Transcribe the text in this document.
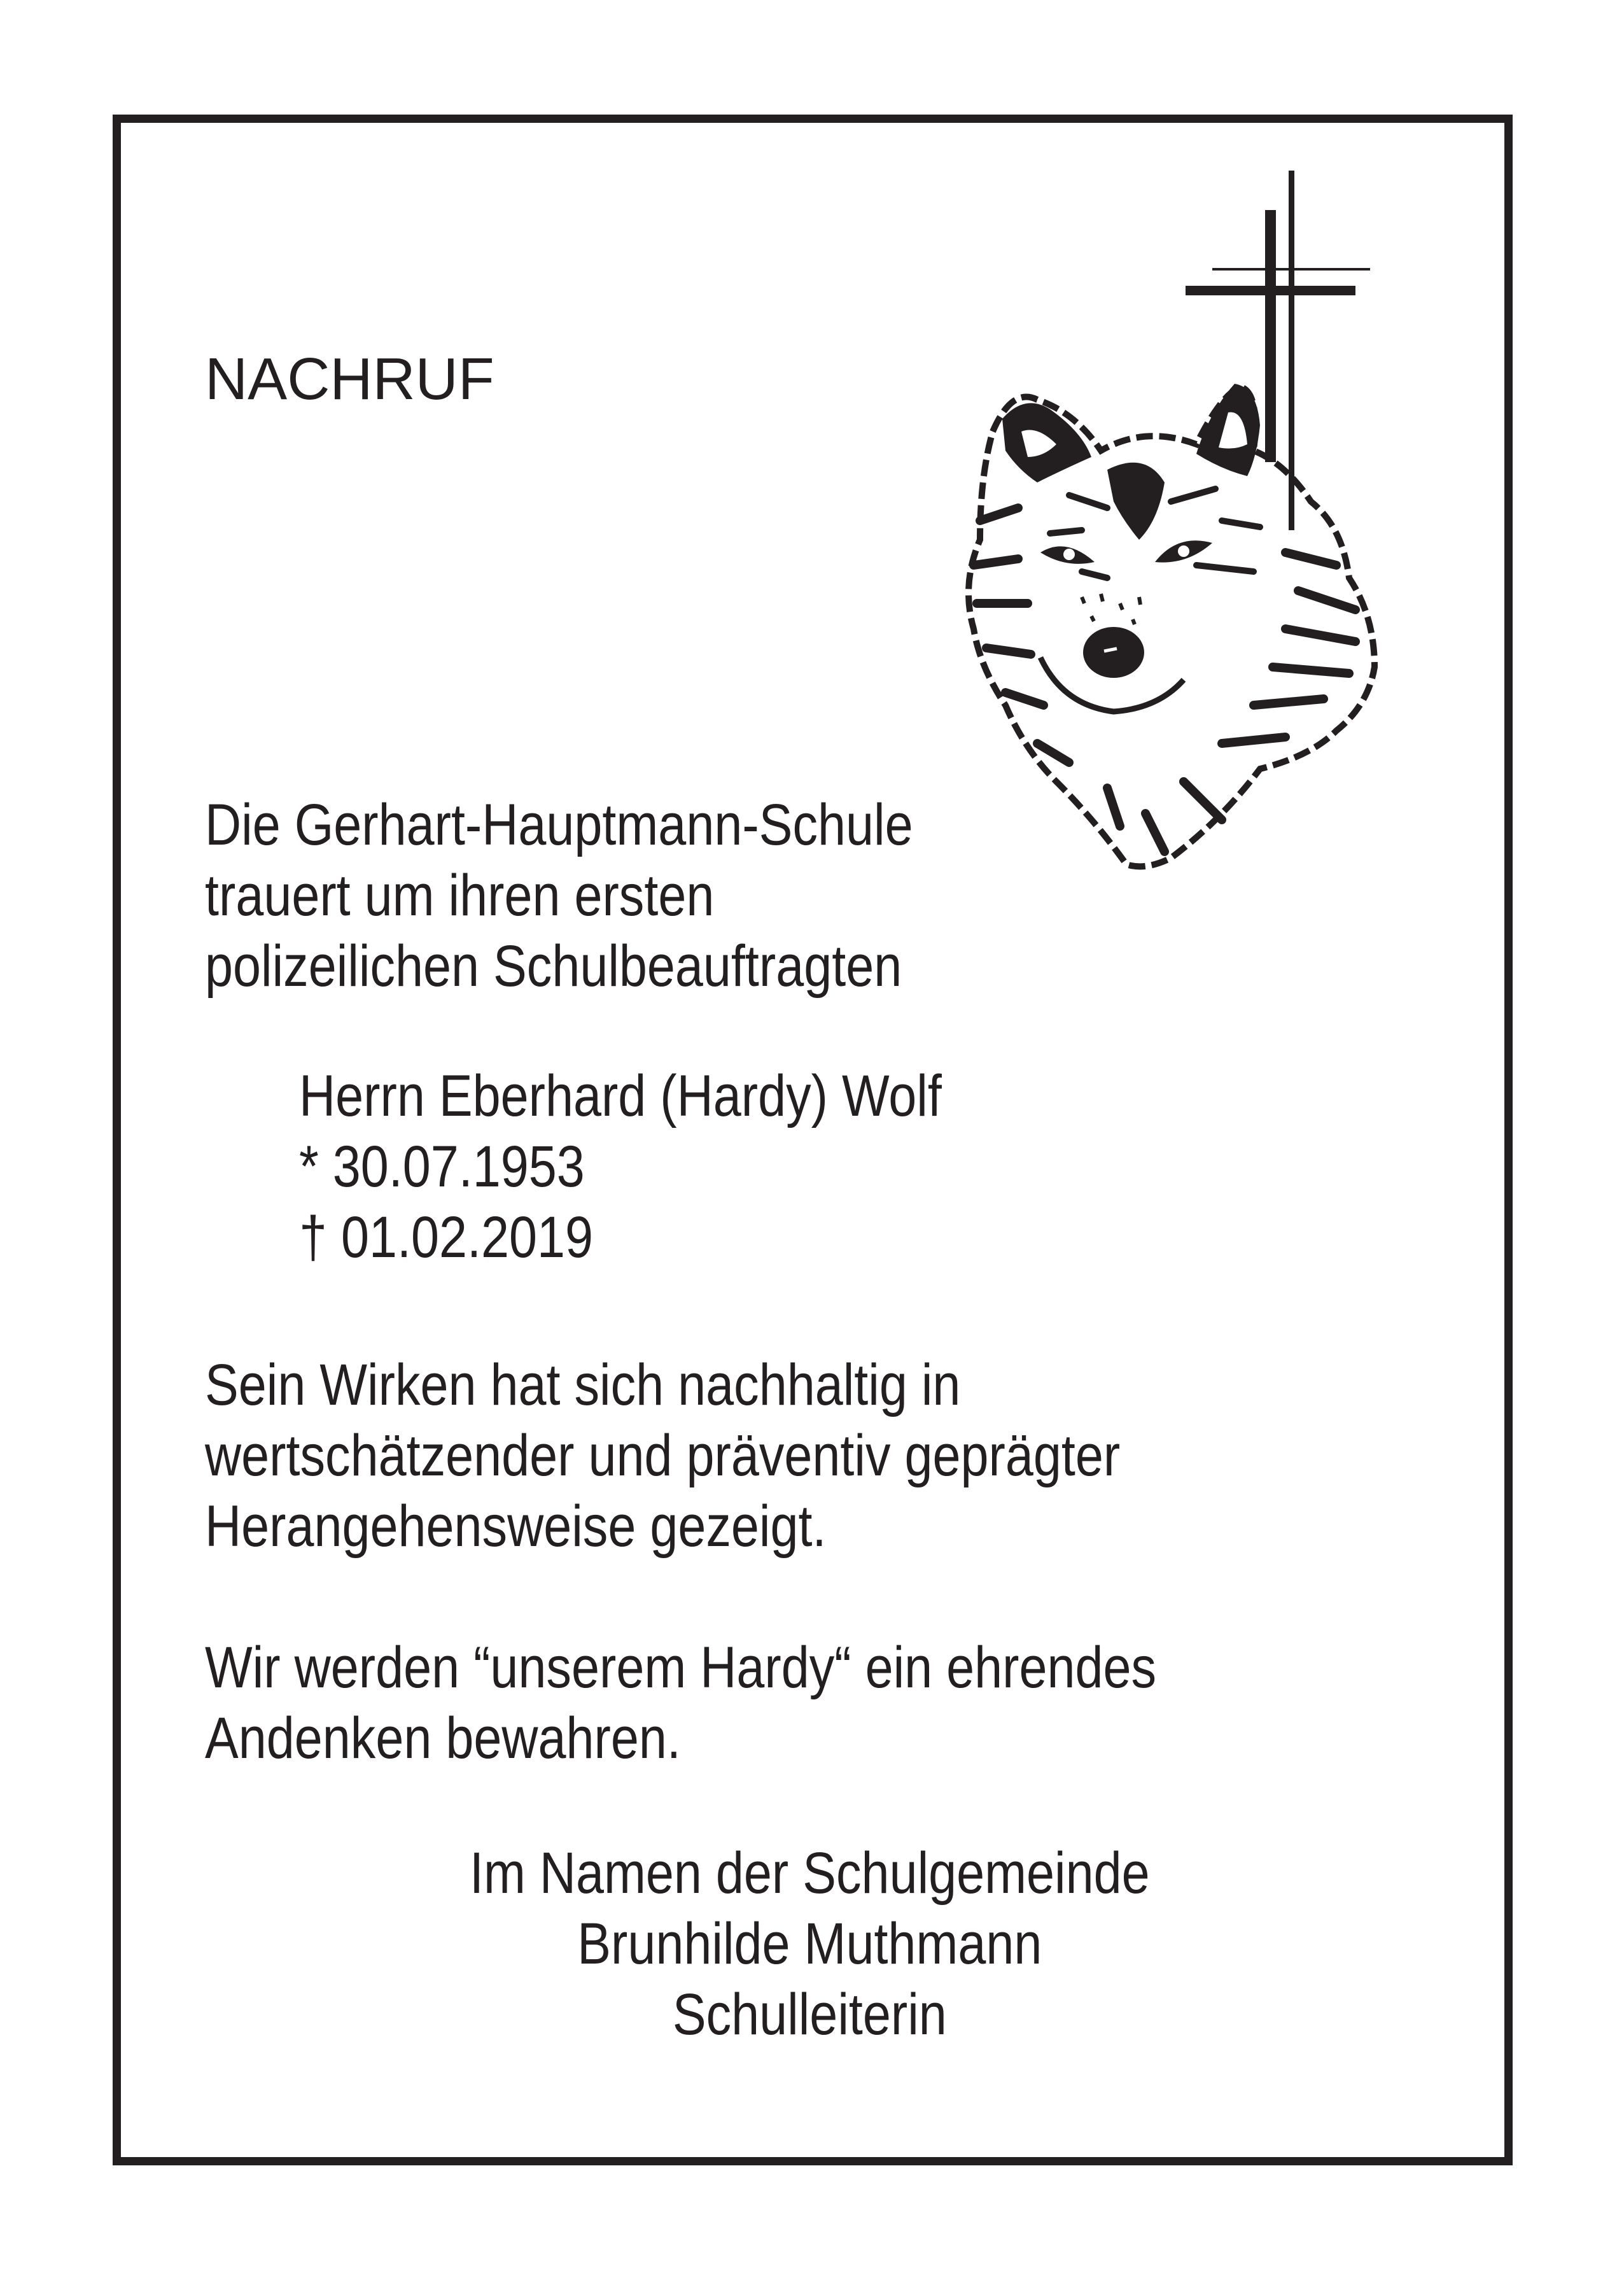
NACHRUF
Die Gerhart-Hauptmann-Schule
trauert um ihren ersten
polizeilichen Schulbeauftragten
Herrn Eberhard (Hardy) Wolf
* 30.07.1953
† 01.02.2019
Sein Wirken hat sich nachhaltig in
wertschätzender und präventiv geprägter
Herangehensweise gezeigt.
Wir werden “unserem Hardy“ ein ehrendes
Andenken bewahren.
Im Namen der Schulgemeinde
Brunhilde Muthmann
Schulleiterin
